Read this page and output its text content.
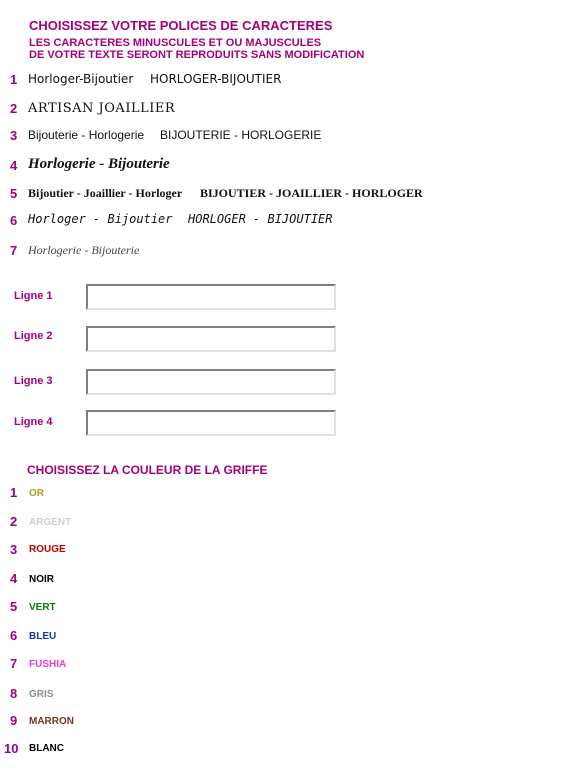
CHOISISSEZ VOTRE POLICES DE CARACTERES
LES CARACTERES MINUSCULES ET OU MAJUSCULES
DE VOTRE TEXTE SERONT REPRODUITS SANS MODIFICATION
1 Horloger-Bijoutier HORLOGER-BIJOUTIER
2 ARTISAN JOAILLIER
3 Bijouterie - Horlogerie BIJOUTERIE - HORLOGERIE
4 Horlogerie - Bijouterie
5 Bijoutier - Joaillier - Horloger BIJOUTIER - JOAILLIER - HORLOGER
6 Horloger - Bijoutier HORLOGER - BIJOUTIER
7 Horlogerie - Bijouterie
Ligne 1
Ligne 2
Ligne 3
Ligne 4
CHOISISSEZ LA COULEUR DE LA GRIFFE
1 OR
2 ARGENT
3 ROUGE
4 NOIR
5 VERT
6 BLEU
7 FUSHIA
8 GRIS
9 MARRON
10 BLANC
